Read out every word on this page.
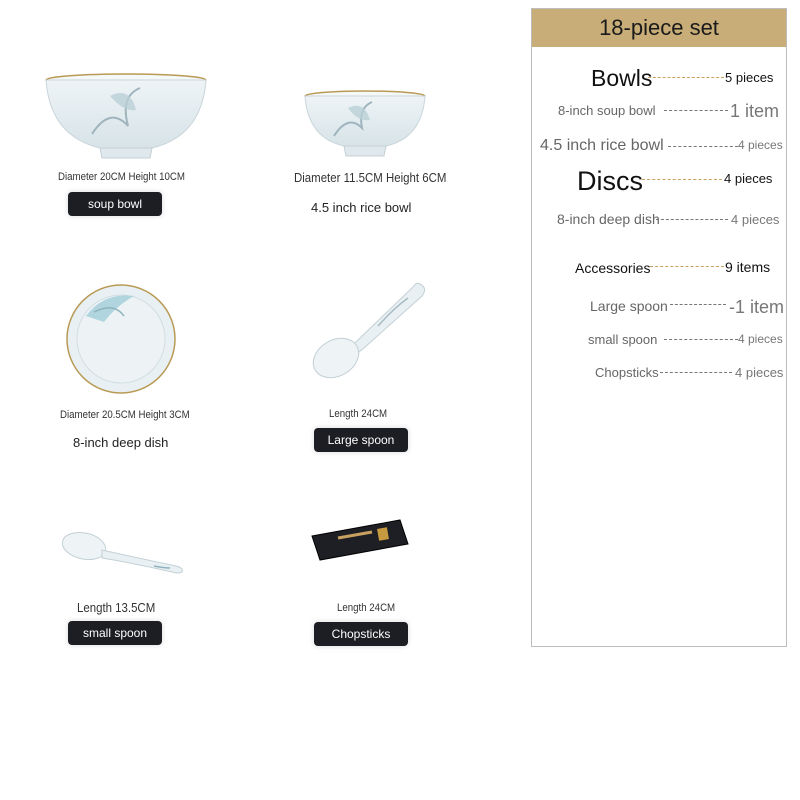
Diameter 20CM Height 10CM
soup bowl
Diameter 11.5CM Height 6CM
4.5 inch rice bowl
Diameter 20.5CM Height 3CM
8-inch deep dish
Length 24CM
Large spoon
Length 13.5CM
small spoon
Length 24CM
Chopsticks
18-piece set
Bowls	5 pieces
8-inch soup bowl	1 item
4.5 inch rice bowl	4 pieces
Discs	4 pieces
8-inch deep dish	4 pieces
Accessories	9 items
Large spoon	-1 item
small spoon	4 pieces
Chopsticks	4 pieces
